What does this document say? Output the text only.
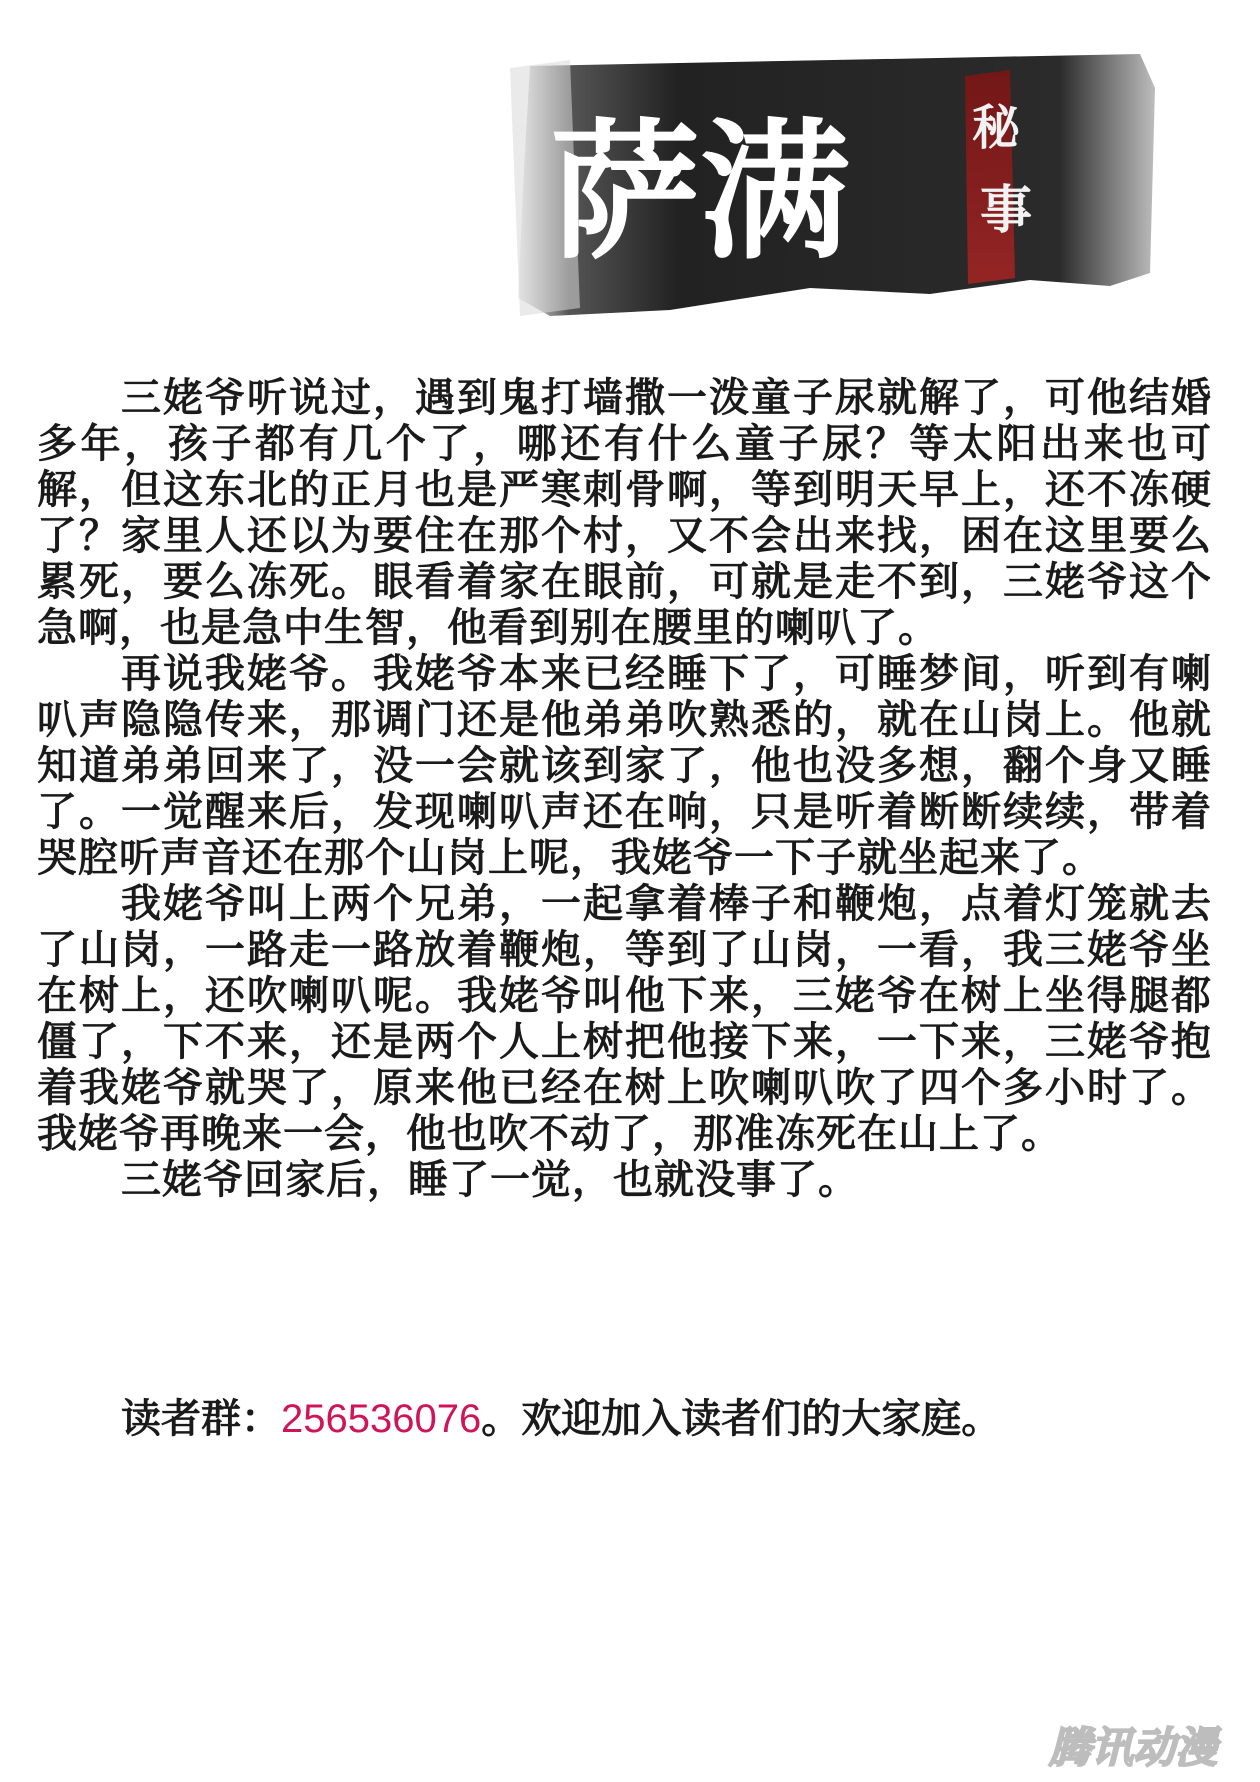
萨满	秘
事

三姥爷听说过，遇到鬼打墙撒一泼童子尿就解了，可他结婚多年，孩子都有几个了，哪还有什么童子尿？等太阳出来也可解，但这东北的正月也是严寒刺骨啊，等到明天早上，还不冻硬了？家里人还以为要住在那个村，又不会出来找，困在这里要么累死，要么冻死。眼看着家在眼前，可就是走不到，三姥爷这个急啊，也是急中生智，他看到别在腰里的喇叭了。

再说我姥爷。我姥爷本来已经睡下了，可睡梦间，听到有喇叭声隐隐传来，那调门还是他弟弟吹熟悉的，就在山岗上。他就知道弟弟回来了，没一会就该到家了，他也没多想，翻个身又睡了。一觉醒来后，发现喇叭声还在响，只是听着断断续续，带着哭腔听声音还在那个山岗上呢，我姥爷一下子就坐起来了。

我姥爷叫上两个兄弟，一起拿着棒子和鞭炮，点着灯笼就去了山岗，一路走一路放着鞭炮，等到了山岗，一看，我三姥爷坐在树上，还吹喇叭呢。我姥爷叫他下来，三姥爷在树上坐得腿都僵了，下不来，还是两个人上树把他接下来，一下来，三姥爷抱着我姥爷就哭了，原来他已经在树上吹喇叭吹了四个多小时了。我姥爷再晚来一会，他也吹不动了，那准冻死在山上了。

三姥爷回家后，睡了一觉，也就没事了。

读者群：256536076。欢迎加入读者们的大家庭。
腾讯动漫
